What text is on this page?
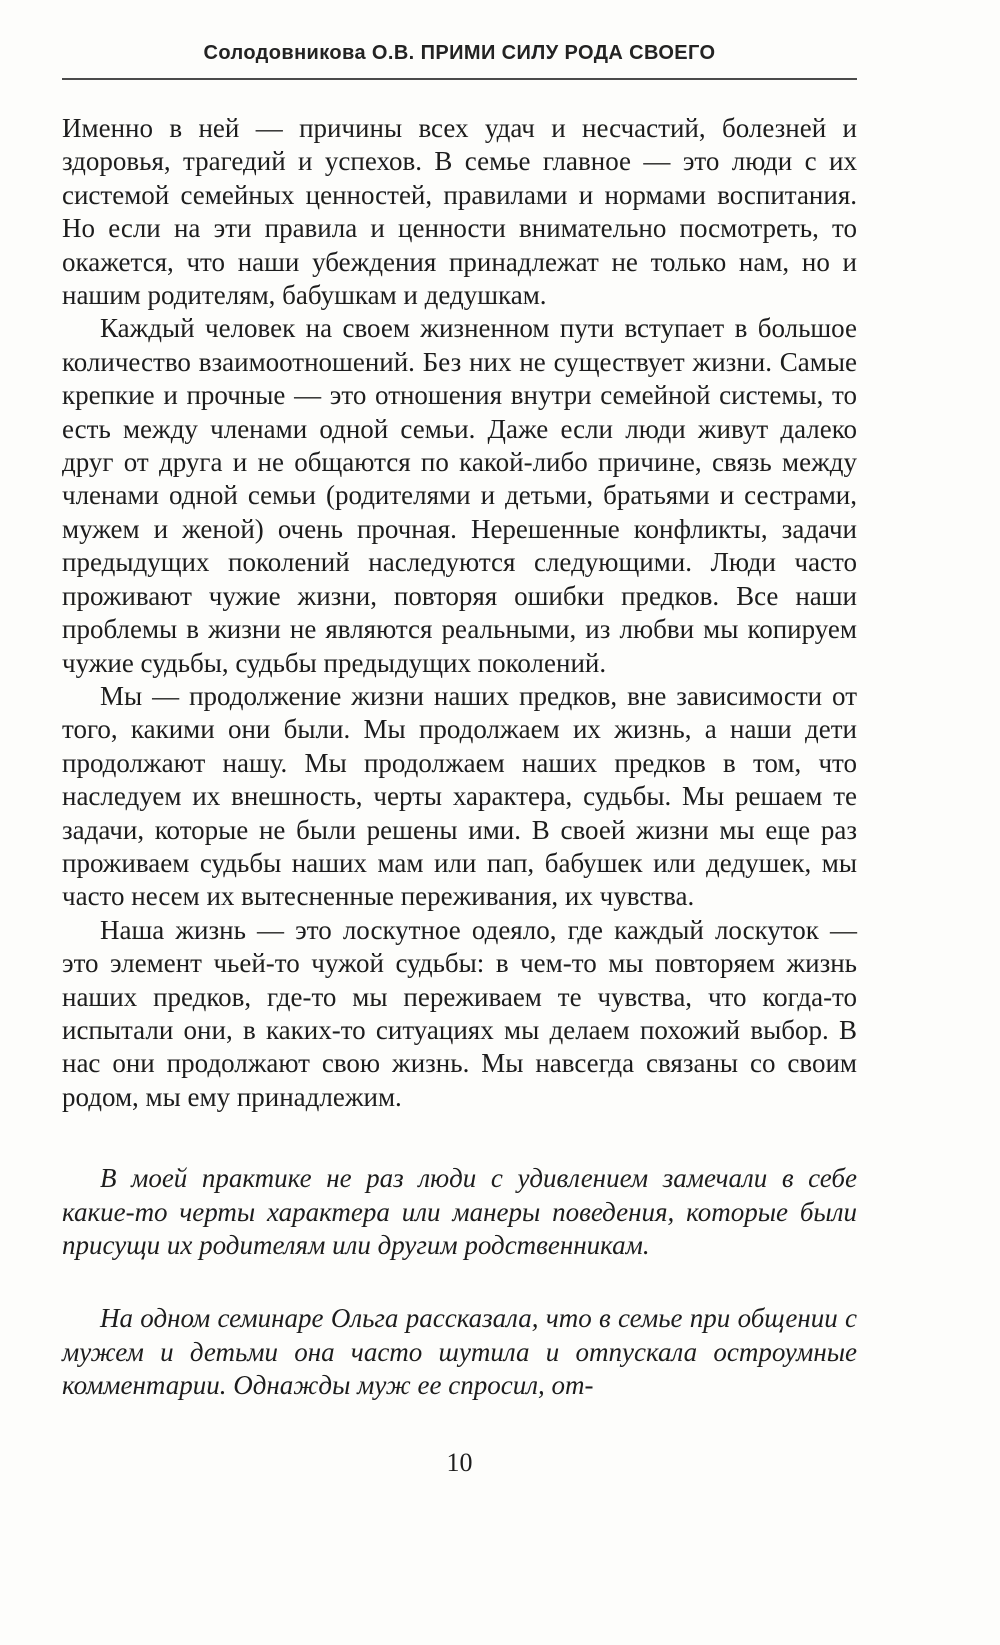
Солодовникова О.В. ПРИМИ СИЛУ РОДА СВОЕГО

Именно в ней — причины всех удач и несчастий, болезней и здоровья, трагедий и успехов. В семье главное — это люди с их системой семейных ценностей, правилами и нормами воспитания. Но если на эти правила и ценности внимательно посмотреть, то окажется, что наши убеждения принадлежат не только нам, но и нашим родителям, бабушкам и дедушкам.

Каждый человек на своем жизненном пути вступает в большое количество взаимоотношений. Без них не существует жизни. Самые крепкие и прочные — это отношения внутри семейной системы, то есть между членами одной семьи. Даже если люди живут далеко друг от друга и не общаются по какой-либо причине, связь между членами одной семьи (родителями и детьми, братьями и сестрами, мужем и женой) очень прочная. Нерешенные конфликты, задачи предыдущих поколений наследуются следующими. Люди часто проживают чужие жизни, повторяя ошибки предков. Все наши проблемы в жизни не являются реальными, из любви мы копируем чужие судьбы, судьбы предыдущих поколений.

Мы — продолжение жизни наших предков, вне зависимости от того, какими они были. Мы продолжаем их жизнь, а наши дети продолжают нашу. Мы продолжаем наших предков в том, что наследуем их внешность, черты характера, судьбы. Мы решаем те задачи, которые не были решены ими. В своей жизни мы еще раз проживаем судьбы наших мам или пап, бабушек или дедушек, мы часто несем их вытесненные переживания, их чувства.

Наша жизнь — это лоскутное одеяло, где каждый лоскуток — это элемент чьей-то чужой судьбы: в чем-то мы повторяем жизнь наших предков, где-то мы переживаем те чувства, что когда-то испытали они, в каких-то ситуациях мы делаем похожий выбор. В нас они продолжают свою жизнь. Мы навсегда связаны со своим родом, мы ему принадлежим.

В моей практике не раз люди с удивлением замечали в себе какие-то черты характера или манеры поведения, которые были присущи их родителям или другим родственникам.

На одном семинаре Ольга рассказала, что в семье при общении с мужем и детьми она часто шутила и отпускала остроумные комментарии. Однажды муж ее спросил, от-

10
